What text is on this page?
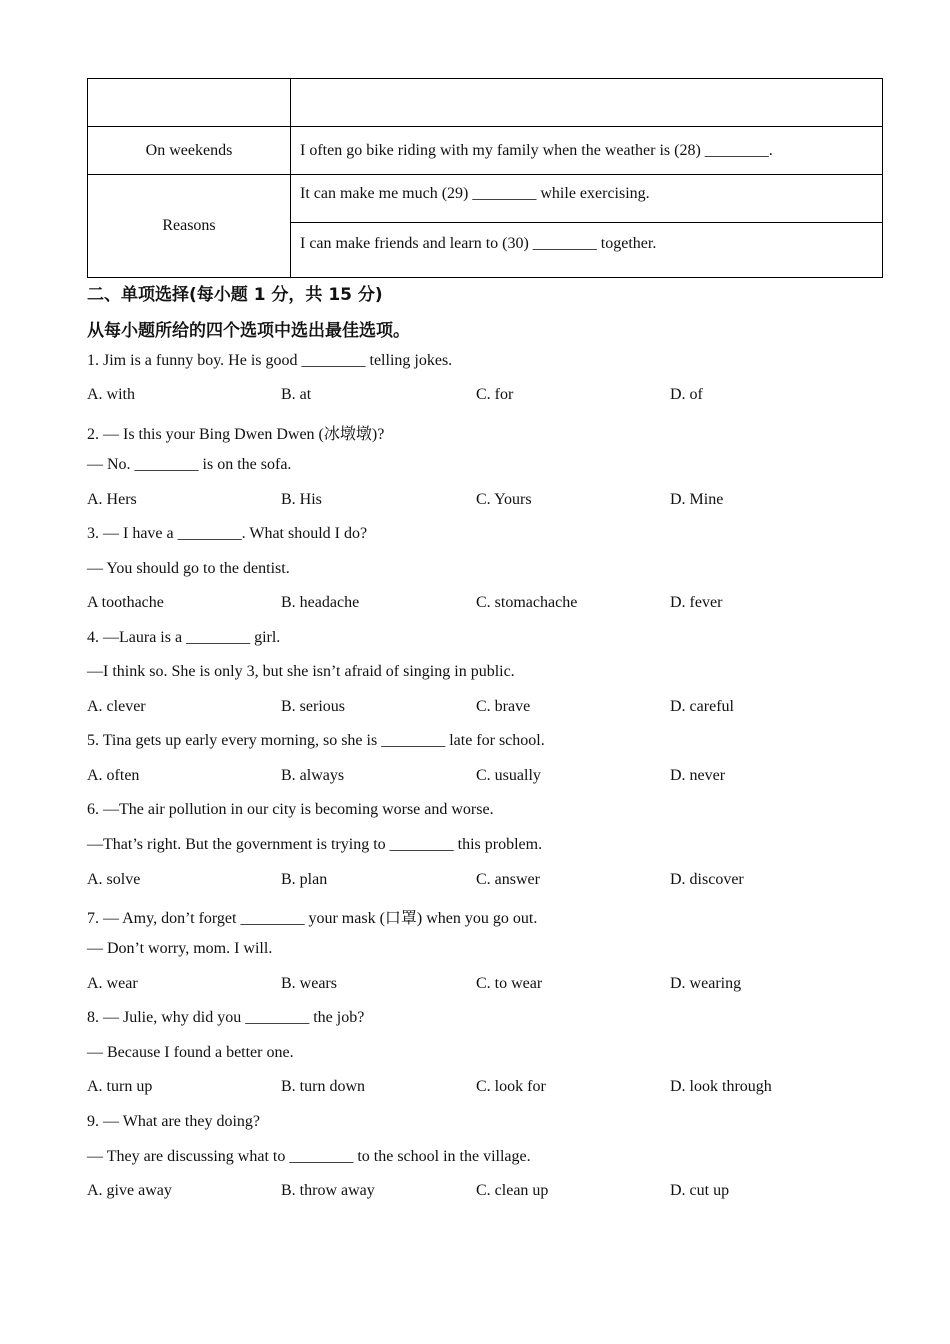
On weekends	I often go bike riding with my family when the weather is (28) ________.
Reasons	It can make me much (29) ________ while exercising.

	I can make friends and learn to (30) ________ together.
二、单项选择(每小题 1 分，共 15 分)
从每小题所给的四个选项中选出最佳选项。
1. Jim is a funny boy. He is good ________ telling jokes.
A. with	B. at	C. for	D. of
2. — Is this your Bing Dwen Dwen (冰墩墩)?
— No. ________ is on the sofa.
A. Hers	B. His	C. Yours	D. Mine
3. — I have a ________. What should I do?
— You should go to the dentist.
A toothache	B. headache	C. stomachache	D. fever
4. —Laura is a ________ girl.
—I think so. She is only 3, but she isn’t afraid of singing in public.
A. clever	B. serious	C. brave	D. careful
5. Tina gets up early every morning, so she is ________ late for school.
A. often	B. always	C. usually	D. never
6. —The air pollution in our city is becoming worse and worse.
—That’s right. But the government is trying to ________ this problem.
A. solve	B. plan	C. answer	D. discover
7. — Amy, don’t forget ________ your mask (口罩) when you go out.
— Don’t worry, mom. I will.
A. wear	B. wears	C. to wear	D. wearing
8. — Julie, why did you ________ the job?
— Because I found a better one.
A. turn up	B. turn down	C. look for	D. look through
9. — What are they doing?
— They are discussing what to ________ to the school in the village.
A. give away	B. throw away	C. clean up	D. cut up
